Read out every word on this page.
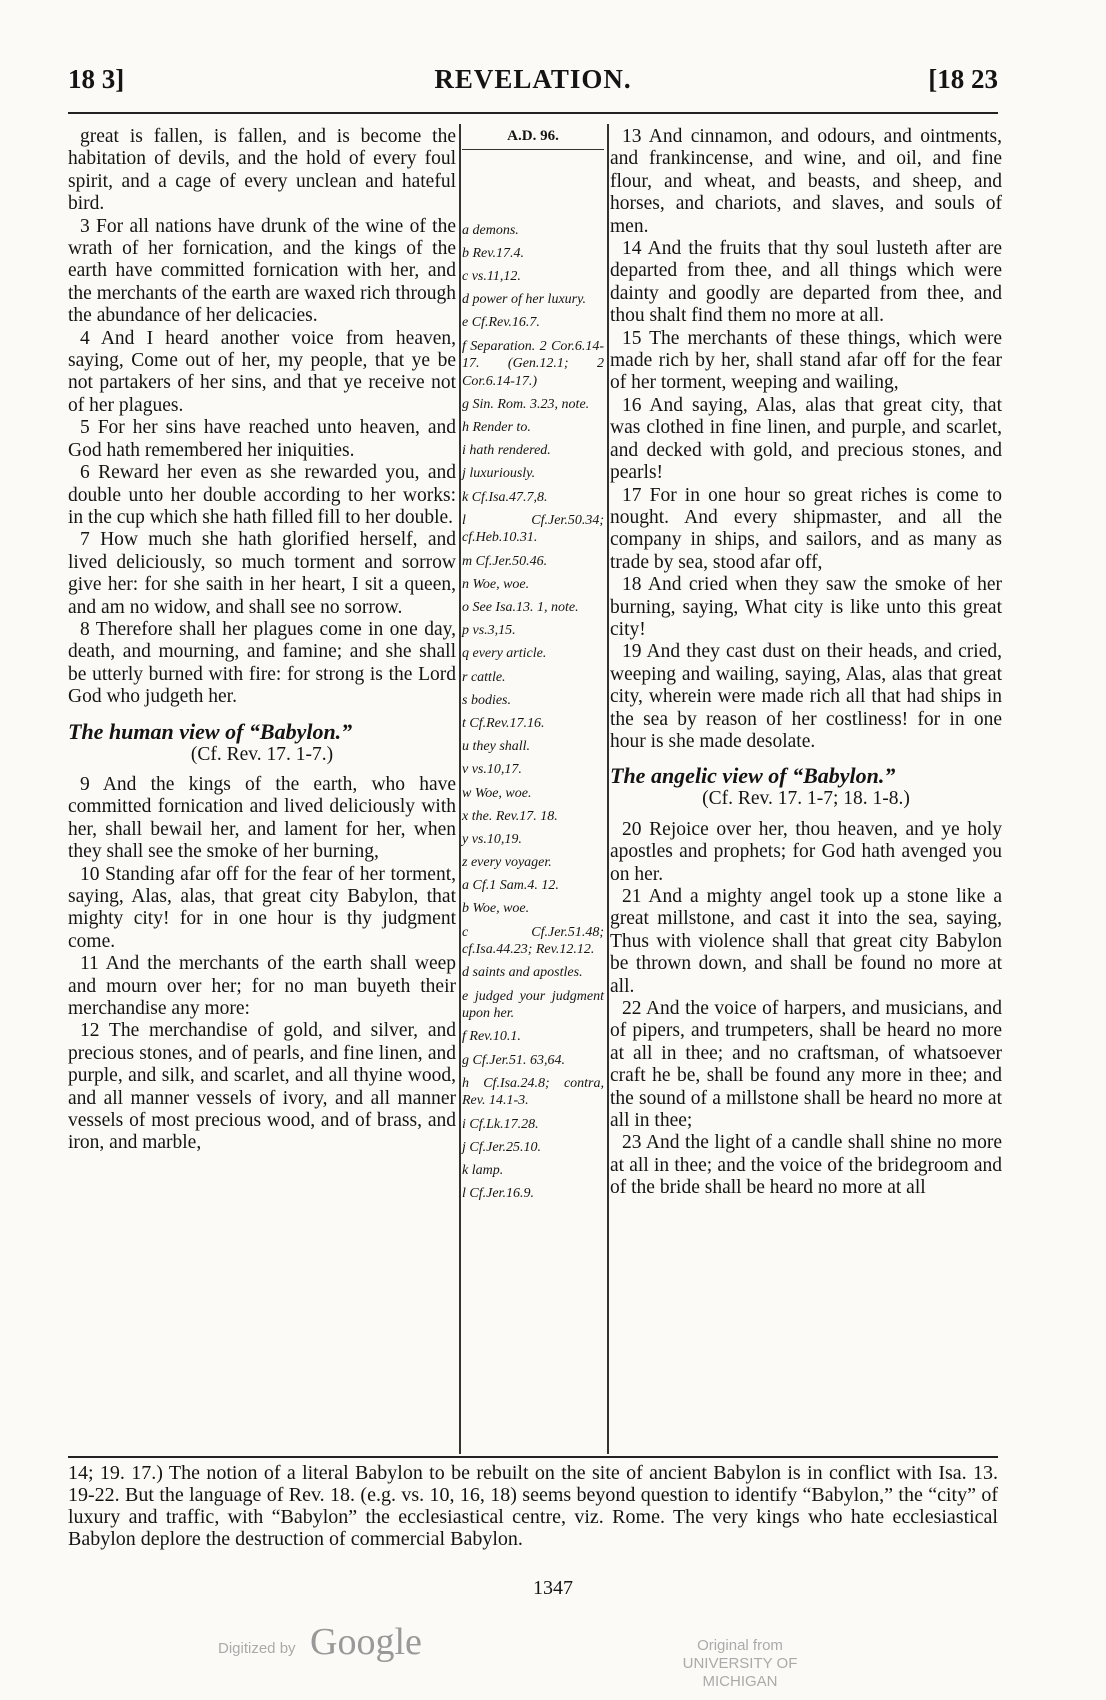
18 3]	REVELATION.	[18 23

great is fallen, is fallen, and is become the habitation of devils, and the hold of every foul spirit, and a cage of every unclean and hateful bird.

3 For all nations have drunk of the wine of the wrath of her fornication, and the kings of the earth have committed fornication with her, and the merchants of the earth are waxed rich through the abundance of her delicacies.

4 And I heard another voice from heaven, saying, Come out of her, my people, that ye be not partakers of her sins, and that ye receive not of her plagues.

5 For her sins have reached unto heaven, and God hath remembered her iniquities.

6 Reward her even as she rewarded you, and double unto her double according to her works: in the cup which she hath filled fill to her double.

7 How much she hath glorified herself, and lived deliciously, so much torment and sorrow give her: for she saith in her heart, I sit a queen, and am no widow, and shall see no sorrow.

8 Therefore shall her plagues come in one day, death, and mourning, and famine; and she shall be utterly burned with fire: for strong is the Lord God who judgeth her.

The human view of “Babylon.”

(Cf. Rev. 17. 1-7.)

9 And the kings of the earth, who have committed fornication and lived deliciously with her, shall bewail her, and lament for her, when they shall see the smoke of her burning,

10 Standing afar off for the fear of her torment, saying, Alas, alas, that great city Babylon, that mighty city! for in one hour is thy judgment come.

11 And the merchants of the earth shall weep and mourn over her; for no man buyeth their merchandise any more:

12 The merchandise of gold, and silver, and precious stones, and of pearls, and fine linen, and purple, and silk, and scarlet, and all thyine wood, and all manner vessels of ivory, and all manner vessels of most precious wood, and of brass, and iron, and marble,

A.D. 96.
a demons.
b Rev.17.4.
c vs.11,12.
d power of her luxury.
e Cf.Rev.16.7.
f Separation. 2 Cor.6.14-17. (Gen.12.1; 2 Cor.6.14-17.)
g Sin. Rom. 3.23, note.
h Render to.
i hath rendered.
j luxuriously.
k Cf.Isa.47.7,8.
l Cf.Jer.50.34; cf.Heb.10.31.
m Cf.Jer.50.46.
n Woe, woe.
o See Isa.13. 1, note.
p vs.3,15.
q every article.
r cattle.
s bodies.
t Cf.Rev.17.16.
u they shall.
v vs.10,17.
w Woe, woe.
x the. Rev.17. 18.
y vs.10,19.
z every voyager.
a Cf.1 Sam.4. 12.
b Woe, woe.
c Cf.Jer.51.48; cf.Isa.44.23; Rev.12.12.
d saints and apostles.
e judged your judgment upon her.
f Rev.10.1.
g Cf.Jer.51. 63,64.
h Cf.Isa.24.8; contra, Rev. 14.1-3.
i Cf.Lk.17.28.
j Cf.Jer.25.10.
k lamp.
l Cf.Jer.16.9.

13 And cinnamon, and odours, and ointments, and frankincense, and wine, and oil, and fine flour, and wheat, and beasts, and sheep, and horses, and chariots, and slaves, and souls of men.

14 And the fruits that thy soul lusteth after are departed from thee, and all things which were dainty and goodly are departed from thee, and thou shalt find them no more at all.

15 The merchants of these things, which were made rich by her, shall stand afar off for the fear of her torment, weeping and wailing,

16 And saying, Alas, alas that great city, that was clothed in fine linen, and purple, and scarlet, and decked with gold, and precious stones, and pearls!

17 For in one hour so great riches is come to nought. And every shipmaster, and all the company in ships, and sailors, and as many as trade by sea, stood afar off,

18 And cried when they saw the smoke of her burning, saying, What city is like unto this great city!

19 And they cast dust on their heads, and cried, weeping and wailing, saying, Alas, alas that great city, wherein were made rich all that had ships in the sea by reason of her costliness! for in one hour is she made desolate.

The angelic view of “Babylon.”

(Cf. Rev. 17. 1-7; 18. 1-8.)

20 Rejoice over her, thou heaven, and ye holy apostles and prophets; for God hath avenged you on her.

21 And a mighty angel took up a stone like a great millstone, and cast it into the sea, saying, Thus with violence shall that great city Babylon be thrown down, and shall be found no more at all.

22 And the voice of harpers, and musicians, and of pipers, and trumpeters, shall be heard no more at all in thee; and no craftsman, of whatsoever craft he be, shall be found any more in thee; and the sound of a millstone shall be heard no more at all in thee;

23 And the light of a candle shall shine no more at all in thee; and the voice of the bridegroom and of the bride shall be heard no more at all

14; 19. 17.) The notion of a literal Babylon to be rebuilt on the site of ancient Babylon is in conflict with Isa. 13. 19-22. But the language of Rev. 18. (e.g. vs. 10, 16, 18) seems beyond question to identify “Babylon,” the “city” of luxury and traffic, with “Babylon” the ecclesiastical centre, viz. Rome. The very kings who hate ecclesiastical Babylon deplore the destruction of commercial Babylon.
1347
Digitized by Google	Original from
UNIVERSITY OF MICHIGAN
